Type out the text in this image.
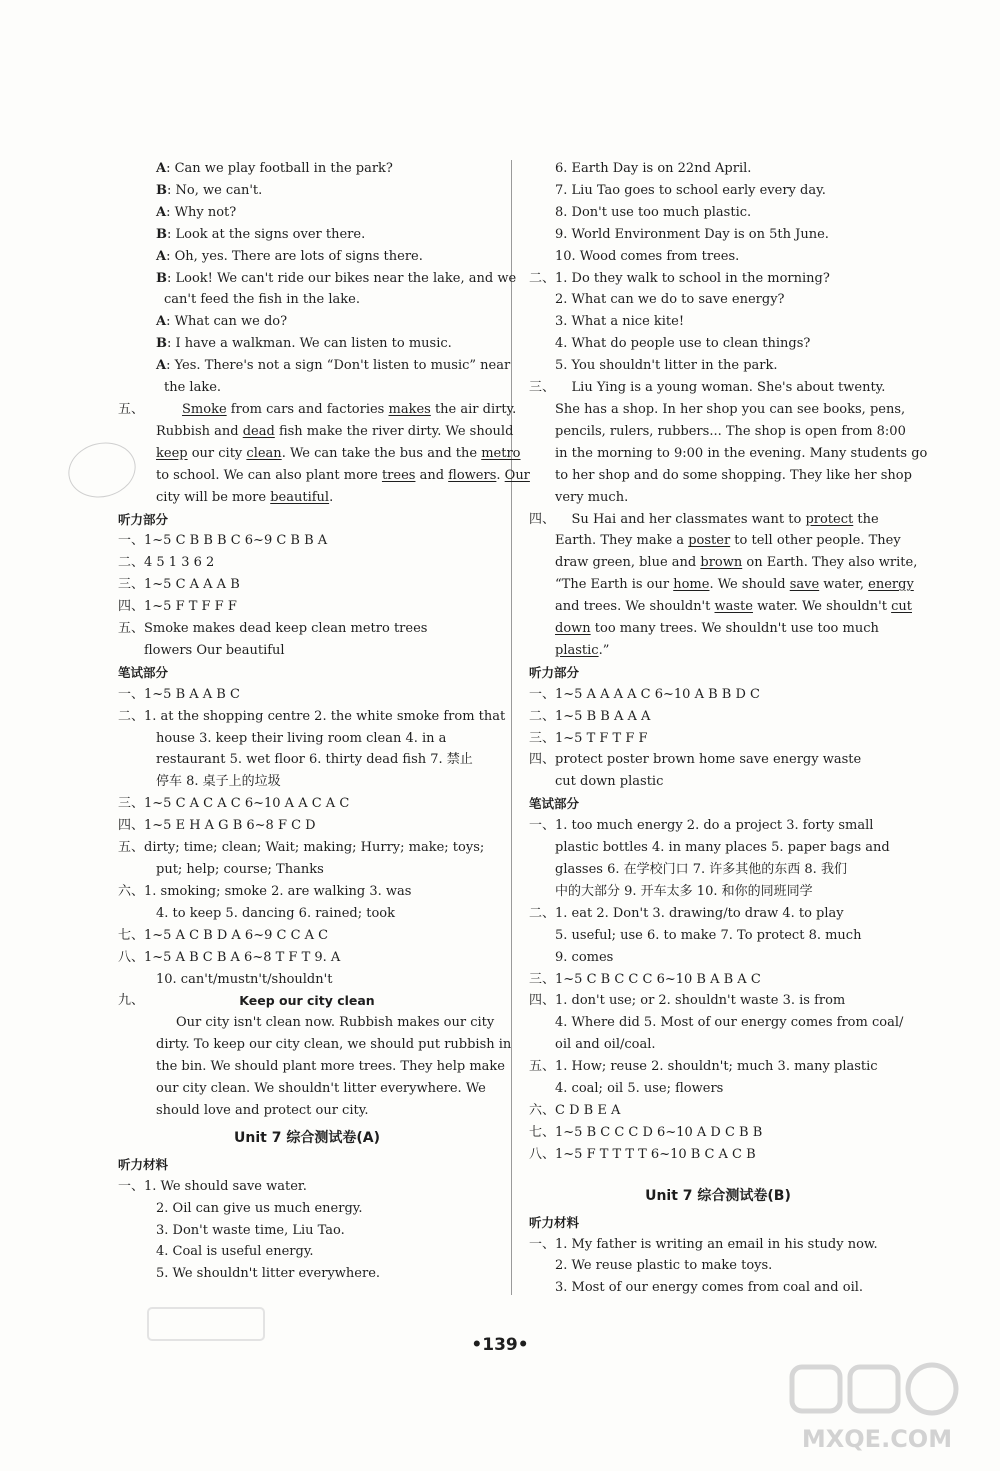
A: Can we play football in the park?
B: No, we can't.
A: Why not?
B: Look at the signs over there.
A: Oh, yes. There are lots of signs there.
B: Look! We can't ride our bikes near the lake, and we
can't feed the fish in the lake.
A: What can we do?
B: I have a walkman. We can listen to music.
A: Yes. There's not a sign “Don't listen to music” near
the lake.
五、	Smoke from cars and factories makes the air dirty.
Rubbish and dead fish make the river dirty. We should
keep our city clean. We can take the bus and the metro
to school. We can also plant more trees and flowers. Our
city will be more beautiful.
听力部分
一、1~5 C B B B C 6~9 C B B A
二、4 5 1 3 6 2
三、1~5 C A A A B
四、1~5 F T F F F
五、Smoke makes dead keep clean metro trees
flowers Our beautiful
笔试部分
一、1~5 B A A B C
二、1. at the shopping centre 2. the white smoke from that
house 3. keep their living room clean 4. in a
restaurant 5. wet floor 6. thirty dead fish 7. 禁止
停车 8. 桌子上的垃圾
三、1~5 C A C A C 6~10 A A C A C
四、1~5 E H A G B 6~8 F C D
五、dirty; time; clean; Wait; making; Hurry; make; toys;
put; help; course; Thanks
六、1. smoking; smoke 2. are walking 3. was
4. to keep 5. dancing 6. rained; took
七、1~5 A C B D A 6~9 C C A C
八、1~5 A B C B A 6~8 T F T 9. A
10. can't/mustn't/shouldn't
九、	Keep our city clean
Our city isn't clean now. Rubbish makes our city
dirty. To keep our city clean, we should put rubbish in
the bin. We should plant more trees. They help make
our city clean. We shouldn't litter everywhere. We
should love and protect our city.
Unit 7 综合测试卷(A)
听力材料
一、1. We should save water.
2. Oil can give us much energy.
3. Don't waste time, Liu Tao.
4. Coal is useful energy.
5. We shouldn't litter everywhere.
6. Earth Day is on 22nd April.
7. Liu Tao goes to school early every day.
8. Don't use too much plastic.
9. World Environment Day is on 5th June.
10. Wood comes from trees.
二、1. Do they walk to school in the morning?
2. What can we do to save energy?
3. What a nice kite!
4. What do people use to clean things?
5. You shouldn't litter in the park.
三、    Liu Ying is a young woman. She's about twenty.
She has a shop. In her shop you can see books, pens,
pencils, rulers, rubbers... The shop is open from 8:00
in the morning to 9:00 in the evening. Many students go
to her shop and do some shopping. They like her shop
very much.
四、    Su Hai and her classmates want to protect the
Earth. They make a poster to tell other people. They
draw green, blue and brown on Earth. They also write,
“The Earth is our home. We should save water, energy
and trees. We shouldn't waste water. We shouldn't cut
down too many trees. We shouldn't use too much
plastic.”
听力部分
一、1~5 A A A A C 6~10 A B B D C
二、1~5 B B A A A
三、1~5 T F T F F
四、protect poster brown home save energy waste
cut down plastic
笔试部分
一、1. too much energy 2. do a project 3. forty small
plastic bottles 4. in many places 5. paper bags and
glasses 6. 在学校门口 7. 许多其他的东西 8. 我们
中的大部分 9. 开车太多 10. 和你的同班同学
二、1. eat 2. Don't 3. drawing/to draw 4. to play
5. useful; use 6. to make 7. To protect 8. much
9. comes
三、1~5 C B C C C 6~10 B A B A C
四、1. don't use; or 2. shouldn't waste 3. is from
4. Where did 5. Most of our energy comes from coal/
oil and oil/coal.
五、1. How; reuse 2. shouldn't; much 3. many plastic
4. coal; oil 5. use; flowers
六、C D B E A
七、1~5 B C C C D 6~10 A D C B B
八、1~5 F T T T T 6~10 B C A C B
Unit 7 综合测试卷(B)
听力材料
一、1. My father is writing an email in his study now.
2. We reuse plastic to make toys.
3. Most of our energy comes from coal and oil.
•139•
MXQE.COM
